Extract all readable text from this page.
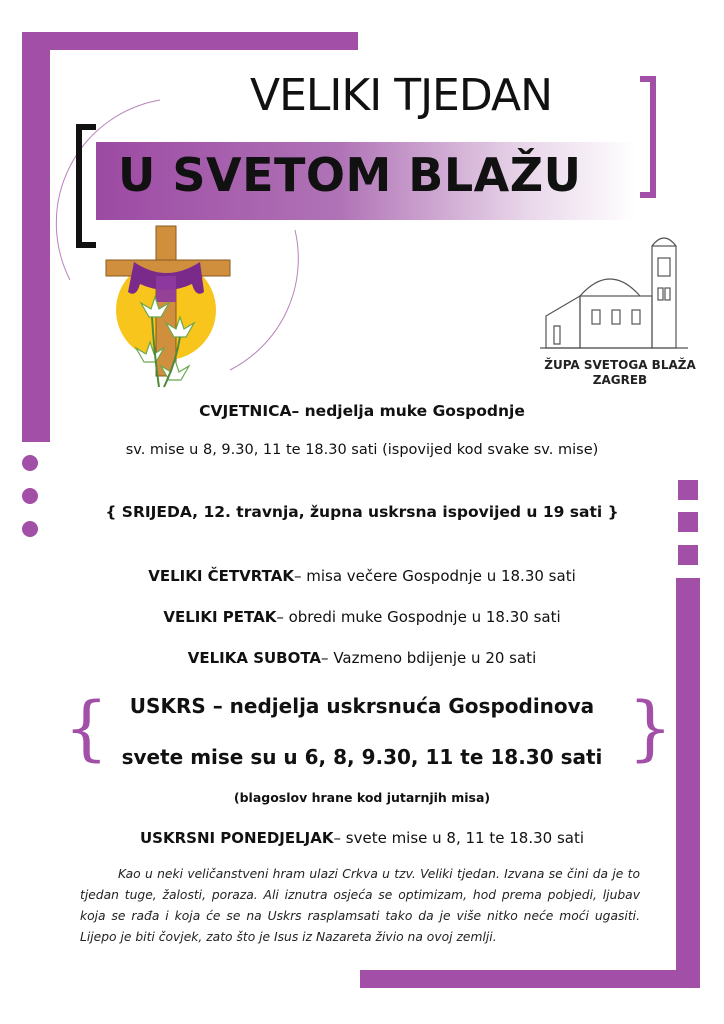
VELIKI TJEDAN
U SVETOM BLAŽU
ŽUPA SVETOGA BLAŽA
ZAGREB
CVJETNICA– nedjelja muke Gospodnje
sv. mise u 8, 9.30, 11 te 18.30 sati (ispovijed kod svake sv. mise)
{ SRIJEDA, 12. travnja, župna uskrsna ispovijed u 19 sati }
VELIKI ČETVRTAK– misa večere Gospodnje u 18.30 sati
VELIKI PETAK– obredi muke Gospodnje u 18.30 sati
VELIKA SUBOTA– Vazmeno bdijenje u 20 sati
{	}
USKRS – nedjelja uskrsnuća Gospodinova
svete mise su u 6, 8, 9.30, 11 te 18.30 sati
(blagoslov hrane kod jutarnjih misa)
USKRSNI PONEDJELJAK– svete mise u 8, 11 te 18.30 sati
Kao u neki veličanstveni hram ulazi Crkva u tzv. Veliki tjedan. Izvana se čini da je to tjedan tuge, žalosti, poraza. Ali iznutra osjeća se optimizam, hod prema pobjedi, ljubav koja se rađa i koja će se na Uskrs rasplamsati tako da je više nitko neće moći ugasiti. Lijepo je biti čovjek, zato što je Isus iz Nazareta živio na ovoj zemlji.
